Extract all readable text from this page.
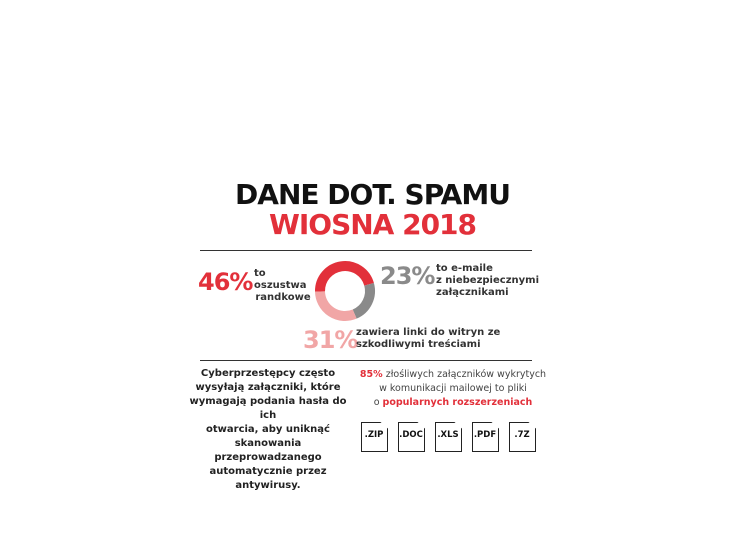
DANE DOT. SPAMU
WIOSNA 2018
46% to oszustwa
randkowe
23% to e-maile
z niebezpiecznymi
załącznikami
31%
zawiera linki do witryn ze
szkodliwymi treściami
Cyberprzestępcy często
wysyłają załączniki, które
wymagają podania hasła do ich
otwarcia, aby uniknąć
skanowania przeprowadzanego
automatycznie przez
antywirusy.
85% złośliwych załączników wykrytych
w komunikacji mailowej to pliki
o popularnych rozszerzeniach
.ZIP	.DOC	.XLS	.PDF	.7Z
